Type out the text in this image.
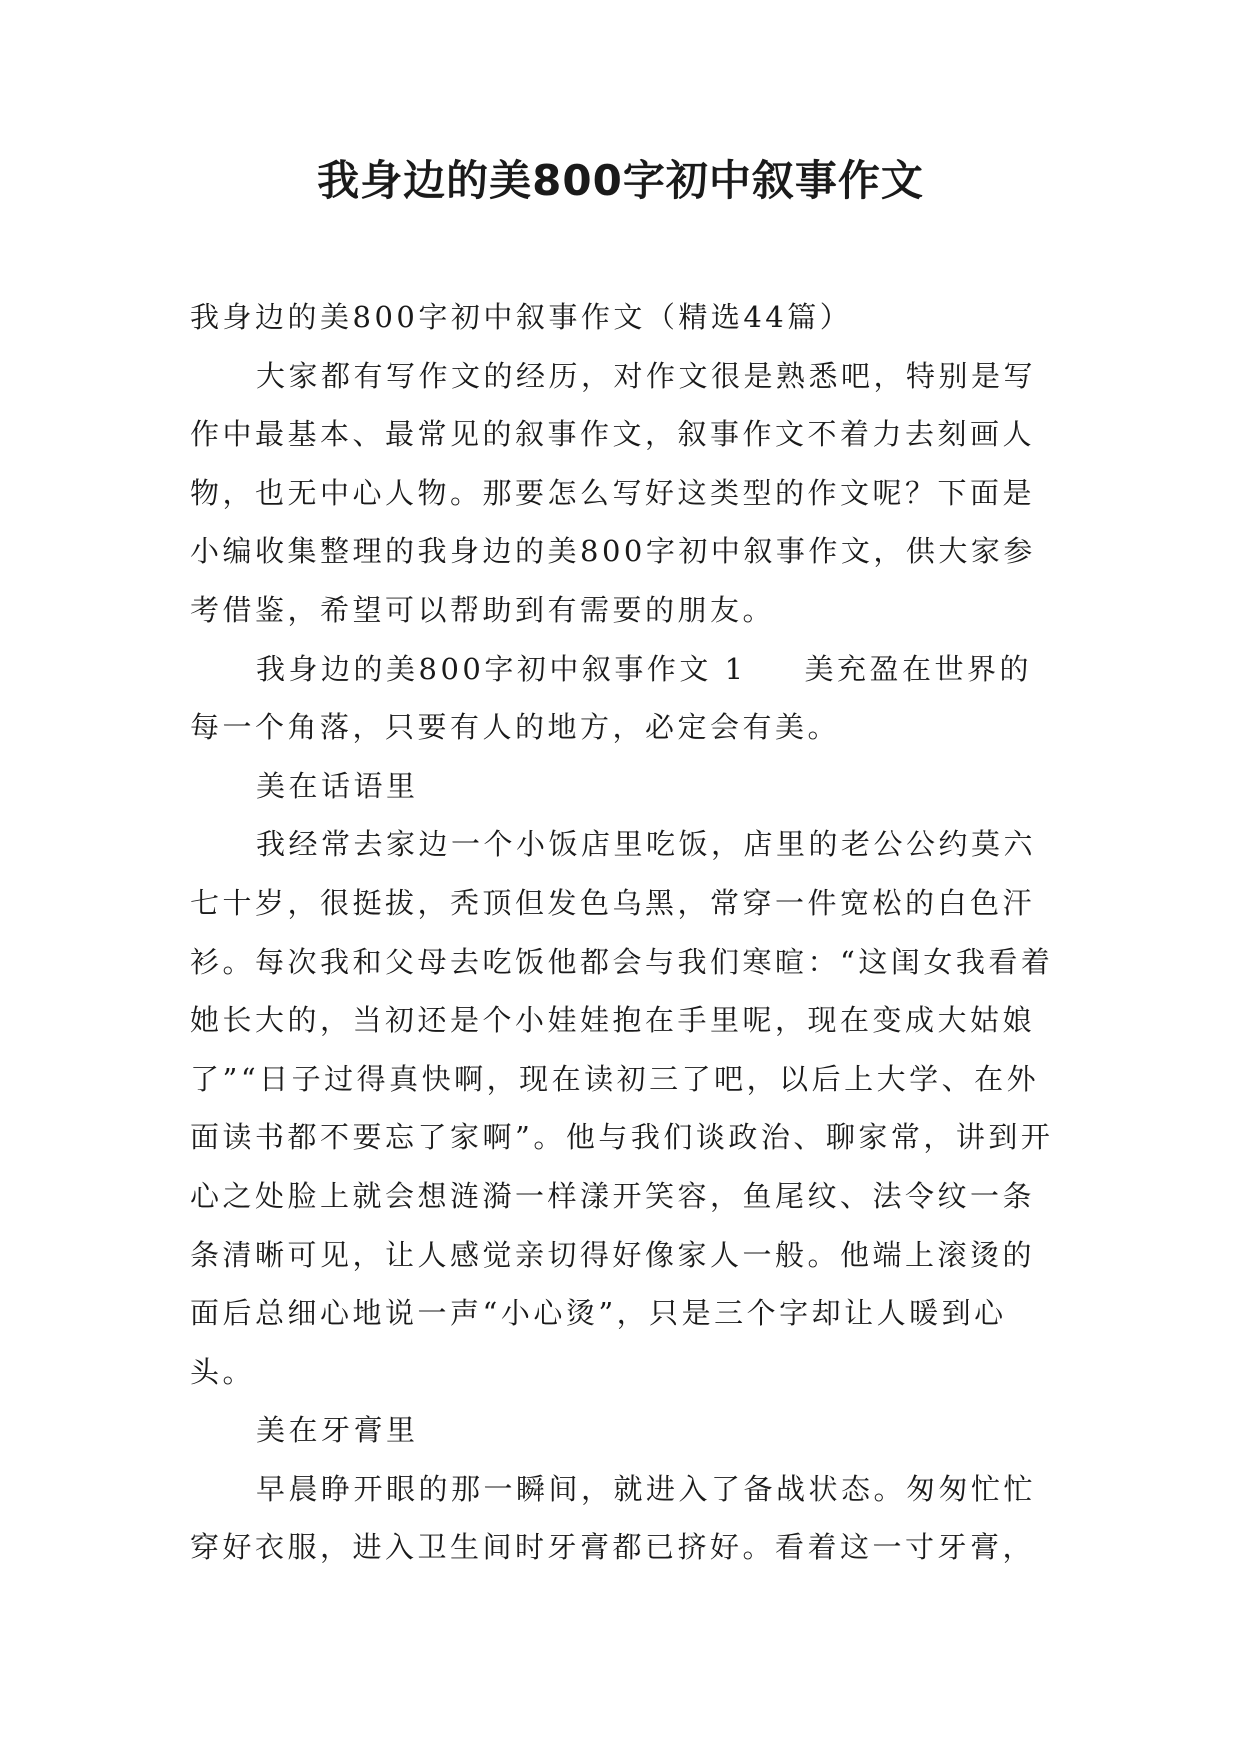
我身边的美800字初中叙事作文

我身边的美800字初中叙事作文（精选44篇）

大家都有写作文的经历，对作文很是熟悉吧，特别是写作中最基本、最常见的叙事作文，叙事作文不着力去刻画人物，也无中心人物。那要怎么写好这类型的作文呢？下面是小编收集整理的我身边的美800字初中叙事作文，供大家参考借鉴，希望可以帮助到有需要的朋友。

我身边的美800字初中叙事作文 1 美充盈在世界的每一个角落，只要有人的地方，必定会有美。

美在话语里

我经常去家边一个小饭店里吃饭，店里的老公公约莫六七十岁，很挺拔，秃顶但发色乌黑，常穿一件宽松的白色汗衫。每次我和父母去吃饭他都会与我们寒暄：“这闺女我看着她长大的，当初还是个小娃娃抱在手里呢，现在变成大姑娘了”“日子过得真快啊，现在读初三了吧，以后上大学、在外面读书都不要忘了家啊”。他与我们谈政治、聊家常，讲到开心之处脸上就会想涟漪一样漾开笑容，鱼尾纹、法令纹一条条清晰可见，让人感觉亲切得好像家人一般。他端上滚烫的面后总细心地说一声“小心烫”，只是三个字却让人暖到心头。

美在牙膏里

早晨睁开眼的那一瞬间，就进入了备战状态。匆匆忙忙穿好衣服，进入卫生间时牙膏都已挤好。看着这一寸牙膏，
